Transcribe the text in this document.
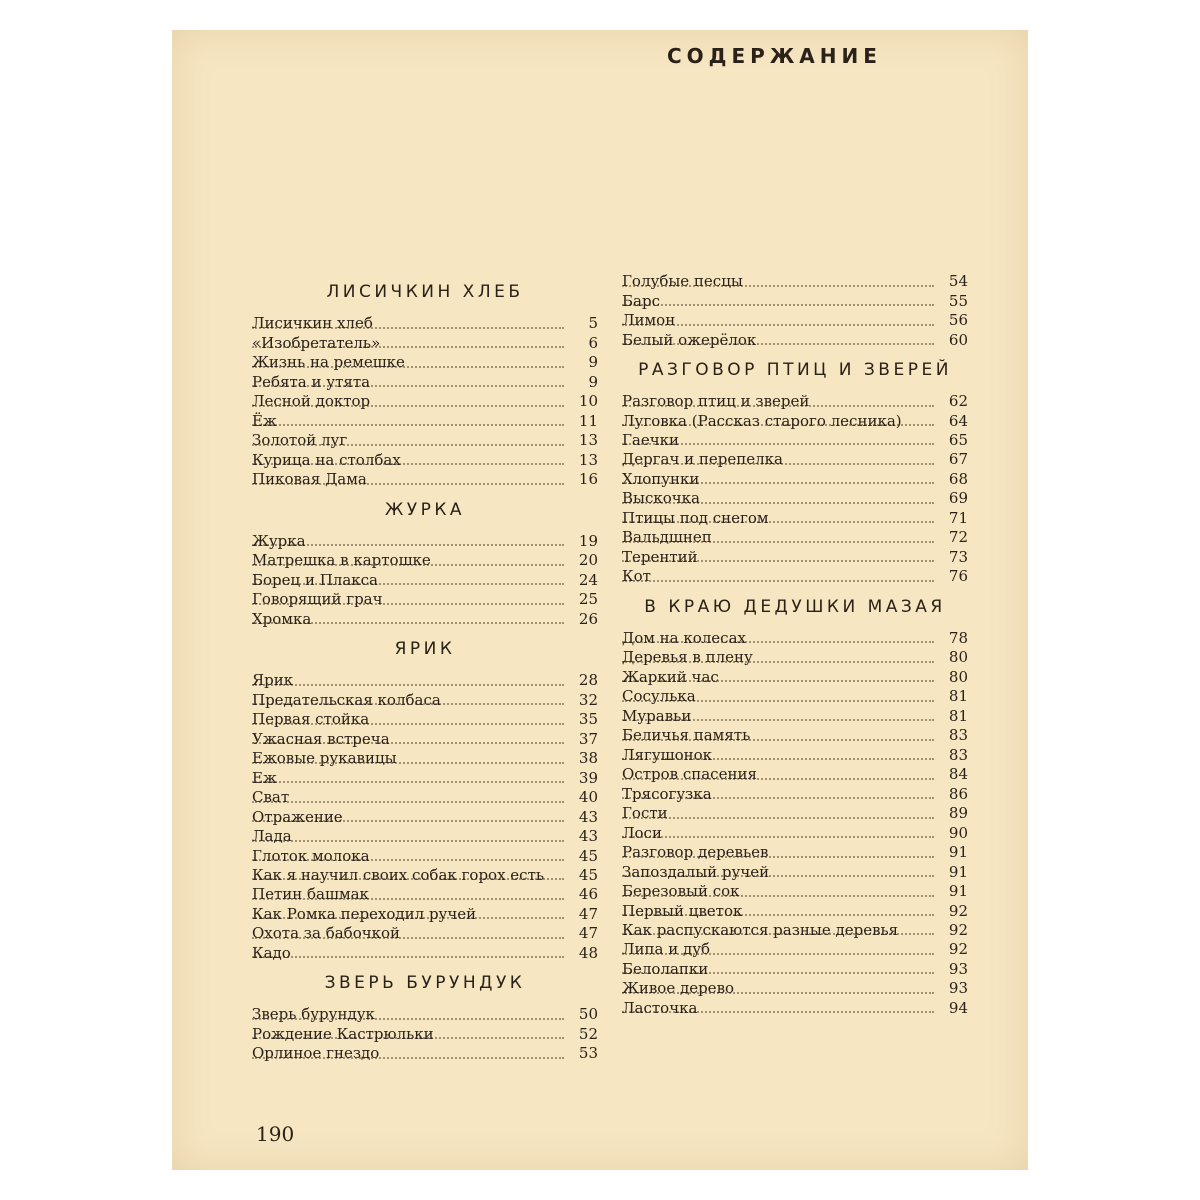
СОДЕРЖАНИЕ
ЛИСИЧКИН ХЛЕБ
Лисичкин хлеб	5
«Изобретатель»	6
Жизнь на ремешке	9
Ребята и утята	9
Лесной доктор	10
Ёж	11
Золотой луг	13
Курица на столбах	13
Пиковая Дама	16
ЖУРКА
Журка	19
Матрешка в картошке	20
Борец и Плакса	24
Говорящий грач	25
Хромка	26
ЯРИК
Ярик	28
Предательская колбаса	32
Первая стойка	35
Ужасная встреча	37
Ежовые рукавицы	38
Еж	39
Сват	40
Отражение	43
Лада	43
Глоток молока	45
Как я научил своих собак горох есть	45
Петин башмак	46
Как Ромка переходил ручей	47
Охота за бабочкой	47
Кадо	48
ЗВЕРЬ БУРУНДУК
Зверь бурундук	50
Рождение Кастрюльки	52
Орлиное гнездо	53
Голубые песцы	54
Барс	55
Лимон	56
Белый ожерёлок	60
РАЗГОВОР ПТИЦ И ЗВЕРЕЙ
Разговор птиц и зверей	62
Луговка (Рассказ старого лесника)	64
Гаечки	65
Дергач и перепелка	67
Хлопунки	68
Выскочка	69
Птицы под снегом	71
Вальдшнеп	72
Терентий	73
Кот	76
В КРАЮ ДЕДУШКИ МАЗАЯ
Дом на колесах	78
Деревья в плену	80
Жаркий час	80
Сосулька	81
Муравьи	81
Беличья память	83
Лягушонок	83
Остров спасения	84
Трясогузка	86
Гости	89
Лоси	90
Разговор деревьев	91
Запоздалый ручей	91
Березовый сок	91
Первый цветок	92
Как распускаются разные деревья	92
Липа и дуб	92
Белолапки	93
Живое дерево	93
Ласточка	94
190
